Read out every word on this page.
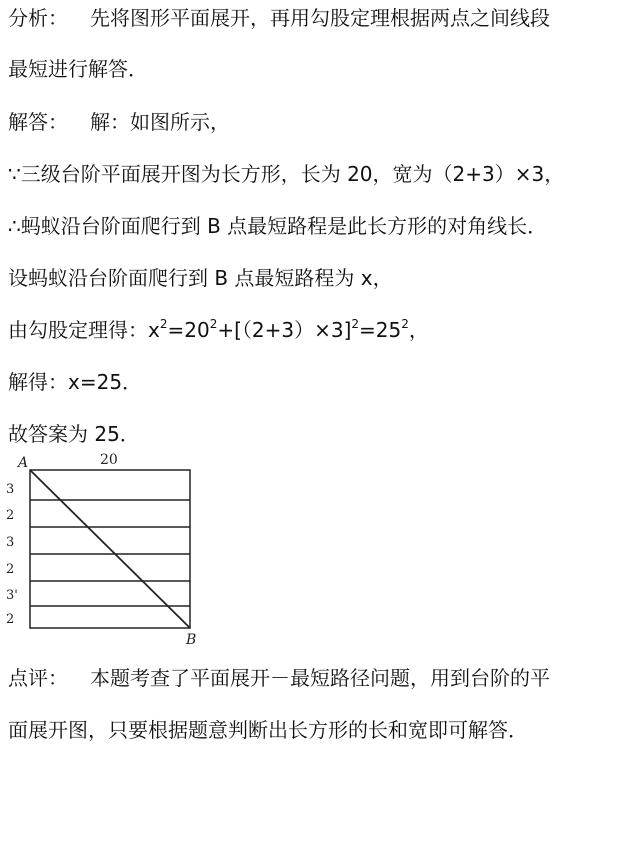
分析： 先将图形平面展开，再用勾股定理根据两点之间线段
最短进行解答．
解答： 解：如图所示，
∵三级台阶平面展开图为长方形，长为 20，宽为（2+3）×3，
∴蚂蚁沿台阶面爬行到 B 点最短路程是此长方形的对角线长．
设蚂蚁沿台阶面爬行到 B 点最短路程为 x，
由勾股定理得：$x^2=20^2+[(2+3)\times 3]^2=25^2$，
解得：x=25．
故答案为 25．
20
A
B
3
2
3
2
3'
2
点评： 本题考查了平面展开－最短路径问题，用到台阶的平
面展开图，只要根据题意判断出长方形的长和宽即可解答．
